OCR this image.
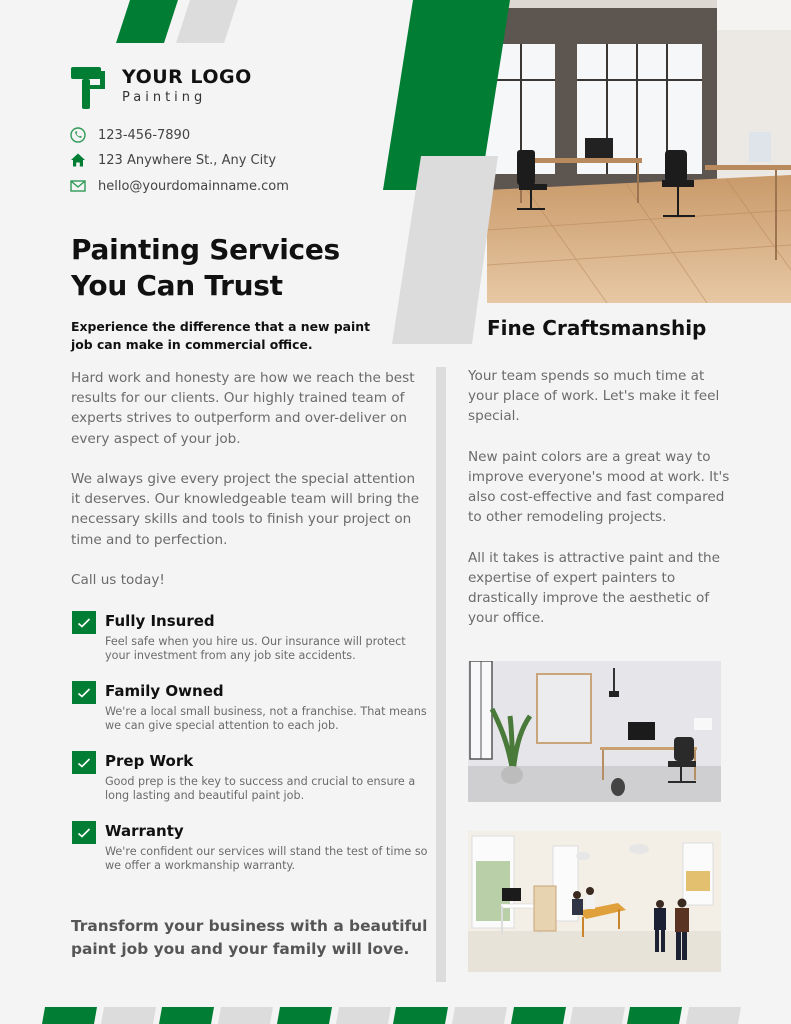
YOUR LOGO
Painting
123-456-7890
123 Anywhere St., Any City
hello@yourdomainname.com
Painting Services
You Can Trust
Experience the difference that a new paint job can make in commercial office.

Hard work and honesty are how we reach the best results for our clients. Our highly trained team of experts strives to outperform and over-deliver on every aspect of your job.

We always give every project the special attention it deserves. Our knowledgeable team will bring the necessary skills and tools to finish your project on time and to perfection.

Call us today!

Fully Insured
Feel safe when you hire us. Our insurance will protect your investment from any job site accidents.
Family Owned
We're a local small business, not a franchise. That means we can give special attention to each job.
Prep Work
Good prep is the key to success and crucial to ensure a long lasting and beautiful paint job.
Warranty
We're confident our services will stand the test of time so we offer a workmanship warranty.
Transform your business with a beautiful paint job you and your family will love.
Fine Craftsmanship

Your team spends so much time at your place of work. Let's make it feel special.

New paint colors are a great way to improve everyone's mood at work. It's also cost-effective and fast compared to other remodeling projects.

All it takes is attractive paint and the expertise of expert painters to drastically improve the aesthetic of your office.
